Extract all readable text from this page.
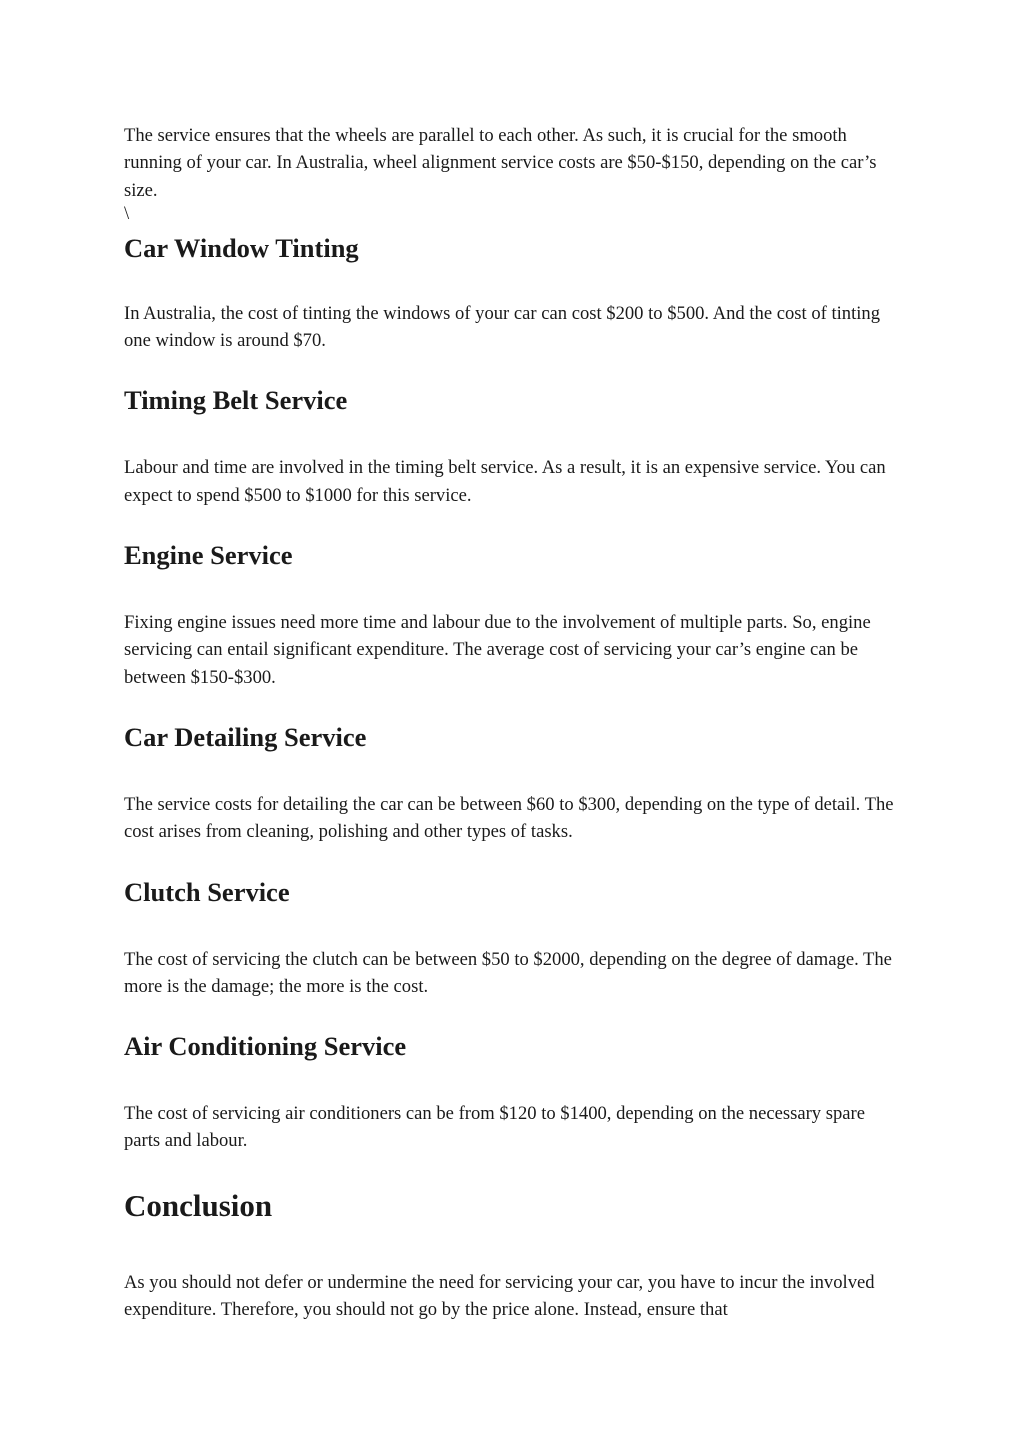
The service ensures that the wheels are parallel to each other. As such, it is crucial for the smooth running of your car. In Australia, wheel alignment service costs are $50-$150, depending on the car’s size.

\
Car Window Tinting

In Australia, the cost of tinting the windows of your car can cost $200 to $500. And the cost of tinting one window is around $70.

Timing Belt Service

Labour and time are involved in the timing belt service. As a result, it is an expensive service. You can expect to spend $500 to $1000 for this service.

Engine Service

Fixing engine issues need more time and labour due to the involvement of multiple parts. So, engine servicing can entail significant expenditure. The average cost of servicing your car’s engine can be between $150-$300.

Car Detailing Service

The service costs for detailing the car can be between $60 to $300, depending on the type of detail. The cost arises from cleaning, polishing and other types of tasks.

Clutch Service

The cost of servicing the clutch can be between $50 to $2000, depending on the degree of damage. The more is the damage; the more is the cost.

Air Conditioning Service

The cost of servicing air conditioners can be from $120 to $1400, depending on the necessary spare parts and labour.

Conclusion

As you should not defer or undermine the need for servicing your car, you have to incur the involved expenditure. Therefore, you should not go by the price alone. Instead, ensure that
